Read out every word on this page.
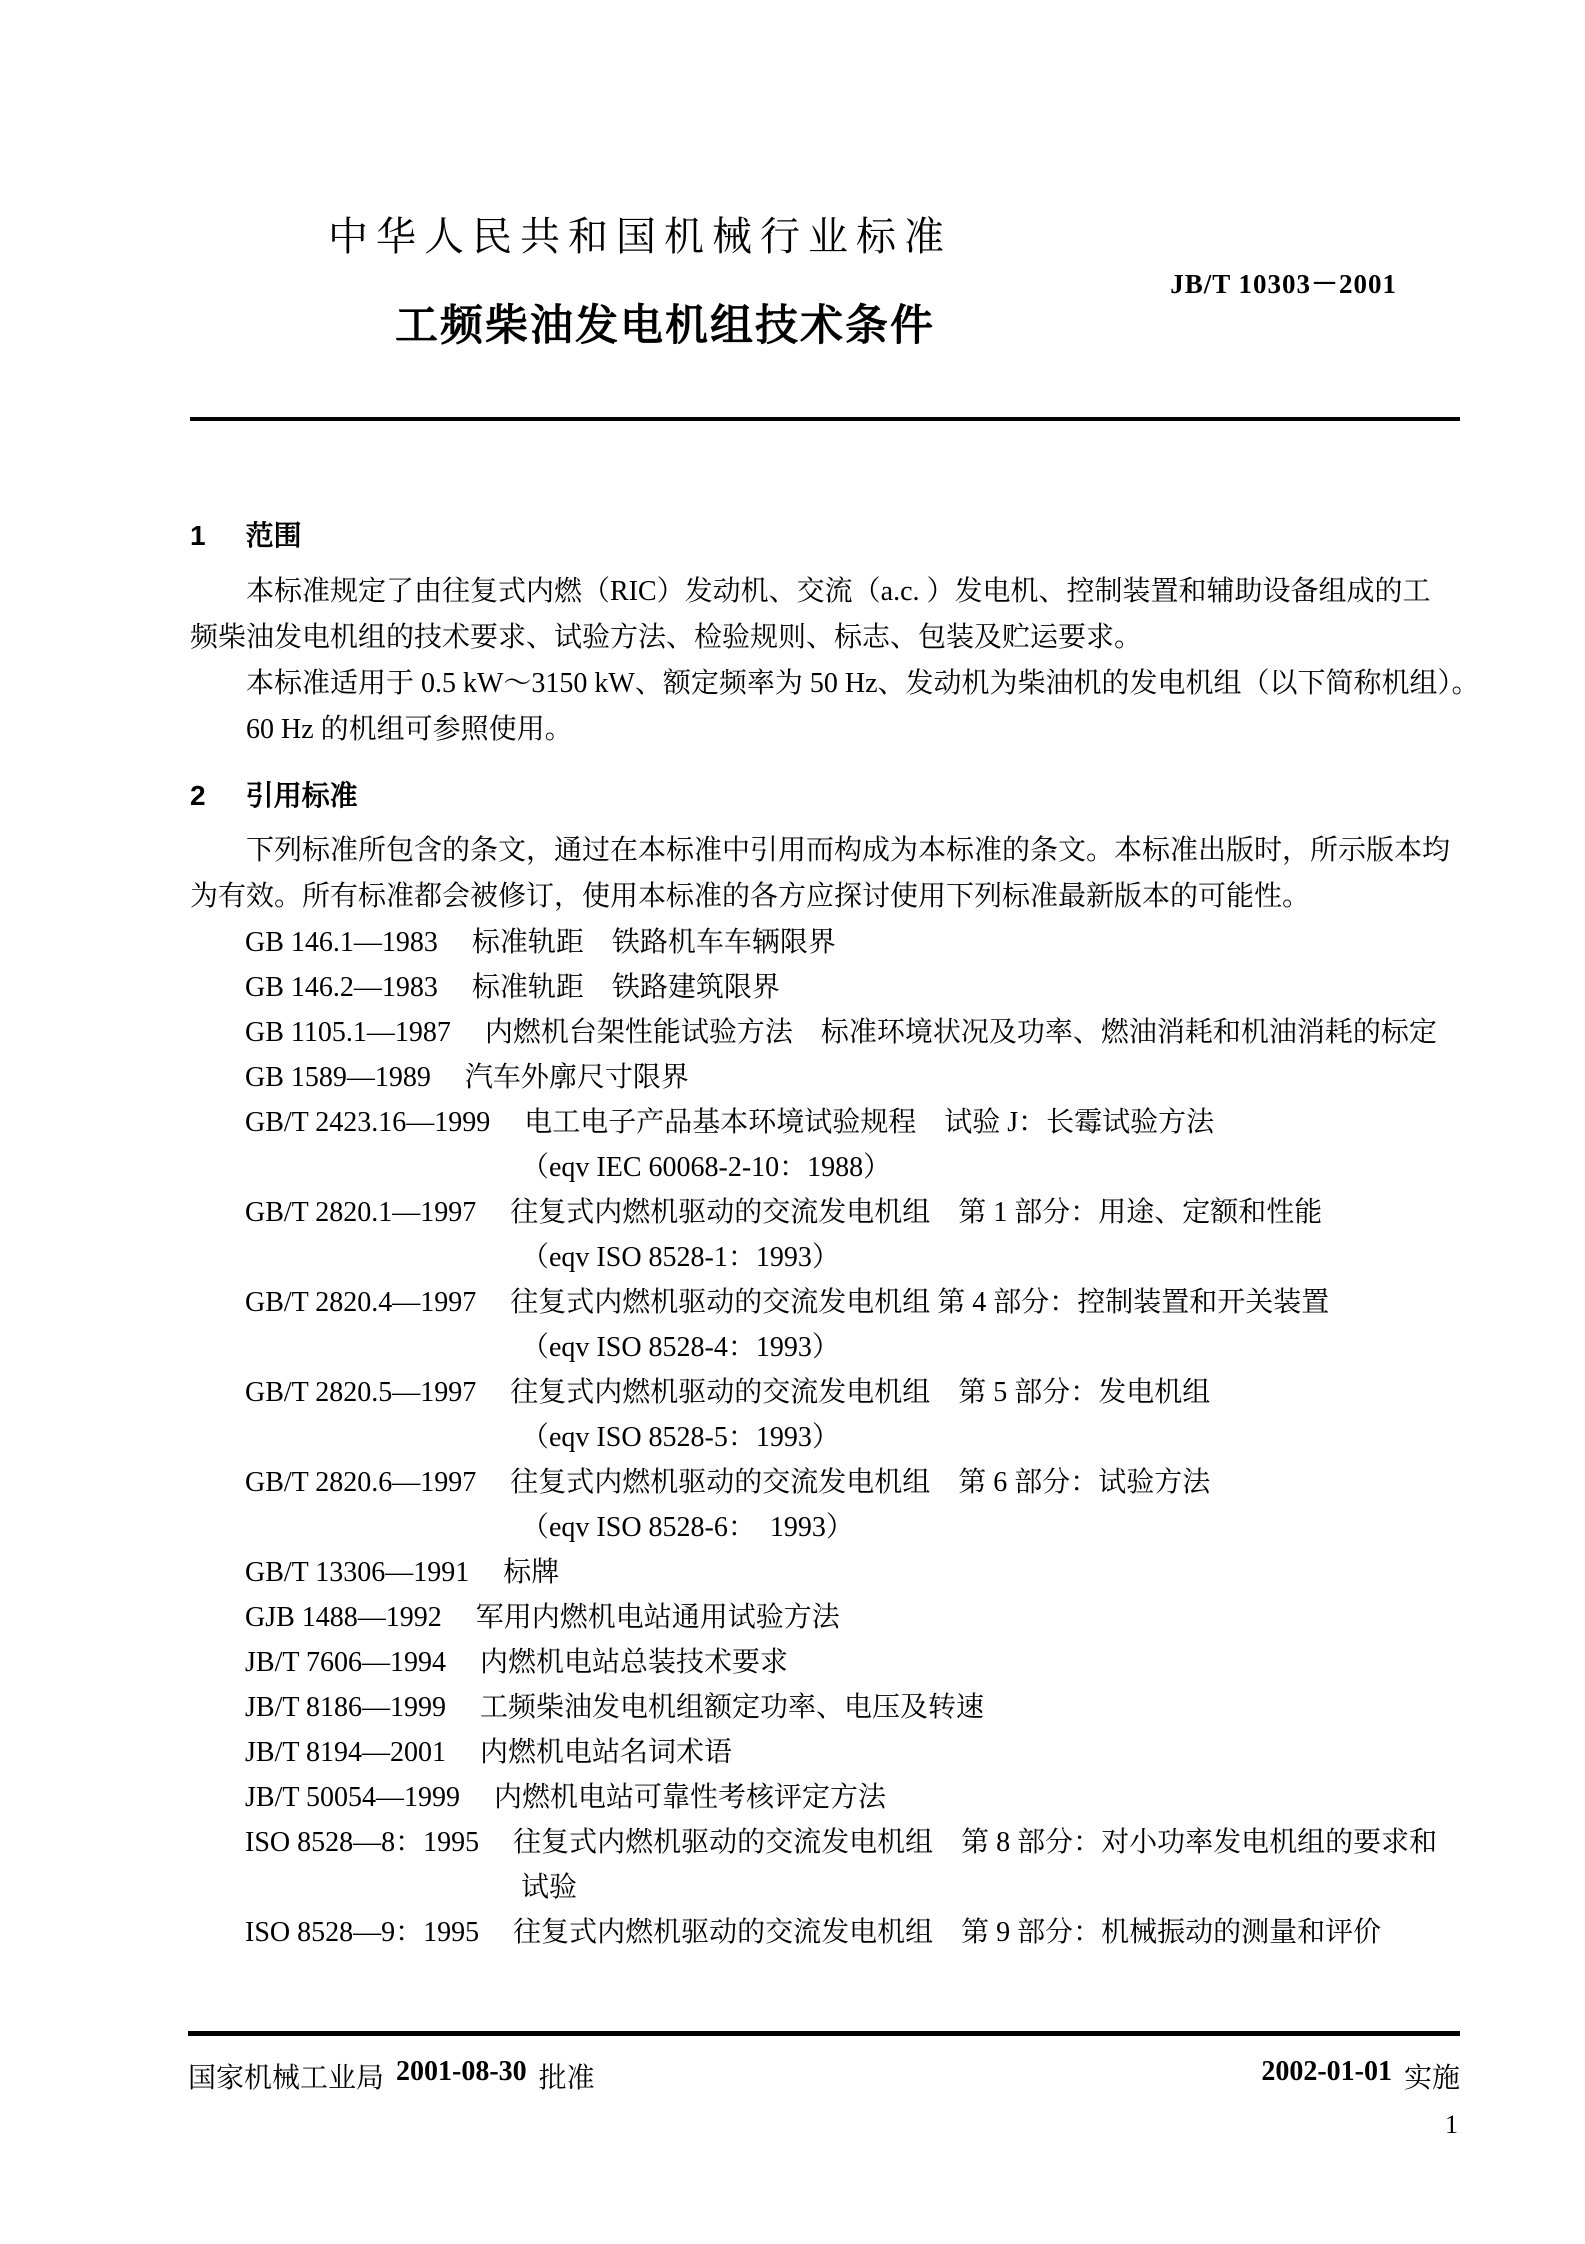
JB/T 10303－2001
中华人民共和国机械行业标准
工频柴油发电机组技术条件
1 范围
　　本标准规定了由往复式内燃（RIC）发动机、交流（a.c. ）发电机、控制装置和辅助设备组成的工
频柴油发电机组的技术要求、试验方法、检验规则、标志、包装及贮运要求。
　　本标准适用于 0.5 kW～3150 kW、额定频率为 50 Hz、发动机为柴油机的发电机组（以下简称机组）。
　　60 Hz 的机组可参照使用。
2 引用标准
　　下列标准所包含的条文，通过在本标准中引用而构成为本标准的条文。本标准出版时，所示版本均
为有效。所有标准都会被修订，使用本标准的各方应探讨使用下列标准最新版本的可能性。
GB 146.1—1983 标准轨距　铁路机车车辆限界
GB 146.2—1983 标准轨距　铁路建筑限界
GB 1105.1—1987 内燃机台架性能试验方法　标准环境状况及功率、燃油消耗和机油消耗的标定
GB 1589—1989 汽车外廓尺寸限界
GB/T 2423.16—1999 电工电子产品基本环境试验规程　试验 J：长霉试验方法
（eqv IEC 60068-2-10：1988）
GB/T 2820.1—1997 往复式内燃机驱动的交流发电机组　第 1 部分：用途、定额和性能
（eqv ISO 8528-1：1993）
GB/T 2820.4—1997 往复式内燃机驱动的交流发电机组 第 4 部分：控制装置和开关装置
（eqv ISO 8528-4：1993）
GB/T 2820.5—1997 往复式内燃机驱动的交流发电机组　第 5 部分：发电机组
（eqv ISO 8528-5：1993）
GB/T 2820.6—1997 往复式内燃机驱动的交流发电机组　第 6 部分：试验方法
（eqv ISO 8528-6：　1993）
GB/T 13306—1991 标牌
GJB 1488—1992 军用内燃机电站通用试验方法
JB/T 7606—1994 内燃机电站总装技术要求
JB/T 8186—1999 工频柴油发电机组额定功率、电压及转速
JB/T 8194—2001 内燃机电站名词术语
JB/T 50054—1999 内燃机电站可靠性考核评定方法
ISO 8528—8：1995 往复式内燃机驱动的交流发电机组　第 8 部分：对小功率发电机组的要求和
试验
ISO 8528—9：1995 往复式内燃机驱动的交流发电机组　第 9 部分：机械振动的测量和评价
国家机械工业局 2001-08-30 批准	2002-01-01 实施
1
